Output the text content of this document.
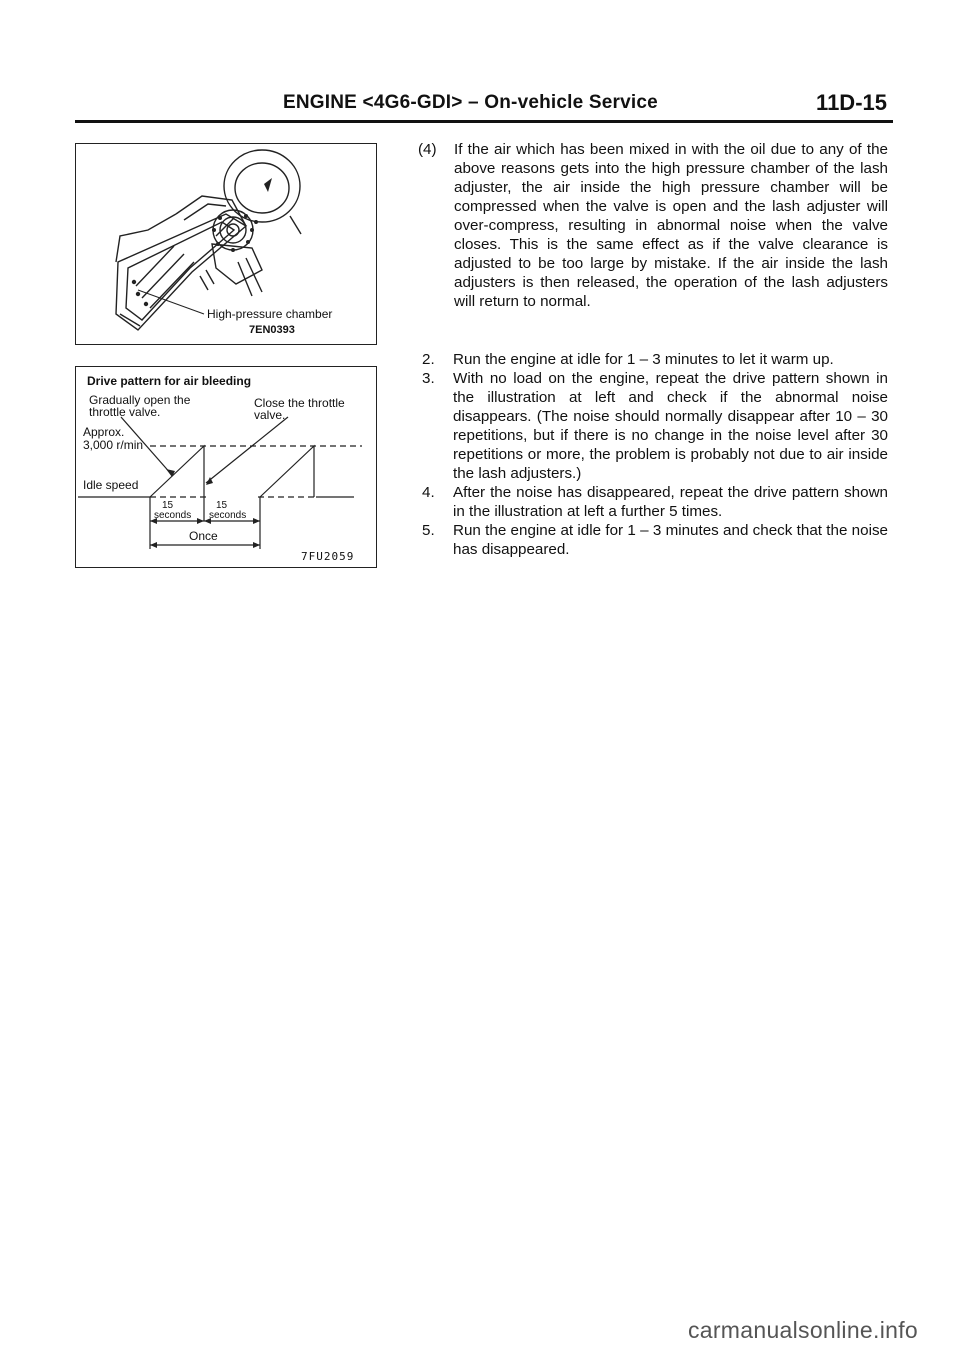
ENGINE <4G6-GDI> – On-vehicle Service	11D-15
High-pressure chamber
7EN0393
Drive pattern for air bleeding
Gradually open the
throttle valve.
Close the throttle
valve.
Approx.
3,000 r/min
Idle speed
15
seconds
15
seconds
Once
7FU2059
(4) If the air which has been mixed in with the oil due to any of the above reasons gets into the high pressure chamber of the lash adjuster, the air inside the high pressure chamber will be compressed when the valve is open and the lash adjuster will over-compress, resulting in abnormal noise when the valve closes. This is the same effect as if the valve clearance is adjusted to be too large by mistake. If the air inside the lash adjusters is then released, the operation of the lash adjusters will return to normal.
2. Run the engine at idle for 1 – 3 minutes to let it warm up.
3. With no load on the engine, repeat the drive pattern shown in the illustration at left and check if the abnormal noise disappears. (The noise should normally disappear after 10 – 30 repetitions, but if there is no change in the noise level after 30 repetitions or more, the problem is probably not due to air inside the lash adjusters.)
4. After the noise has disappeared, repeat the drive pattern shown in the illustration at left a further 5 times.
5. Run the engine at idle for 1 – 3 minutes and check that the noise has disappeared.
carmanualsonline.info
